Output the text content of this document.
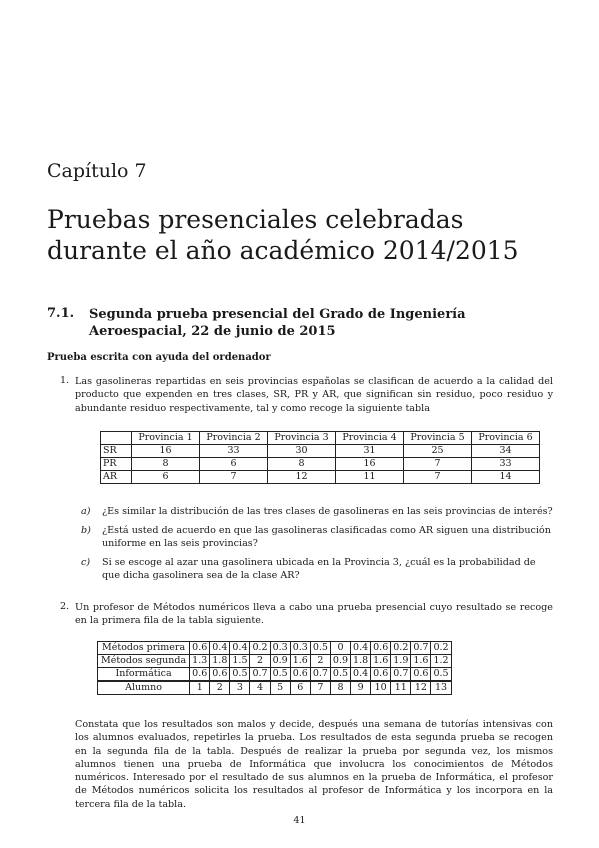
Capítulo 7
Pruebas presenciales celebradas durante el año académico 2014/2015
7.1. Segunda prueba presencial del Grado de Ingeniería Aeroespacial, 22 de junio de 2015
Prueba escrita con ayuda del ordenador
1. Las gasolineras repartidas en seis provincias españolas se clasifican de acuerdo a la calidad del producto que expenden en tres clases, SR, PR y AR, que significan sin residuo, poco residuo y abundante residuo respectivamente, tal y como recoge la siguiente tabla
	Provincia 1	Provincia 2	Provincia 3	Provincia 4	Provincia 5	Provincia 6
SR	16	33	30	31	25	34
PR	8	6	8	16	7	33
AR	6	7	12	11	7	14
a) ¿Es similar la distribución de las tres clases de gasolineras en las seis provincias de interés?
b) ¿Está usted de acuerdo en que las gasolineras clasificadas como AR siguen una distribución uniforme en las seis provincias?
c) Si se escoge al azar una gasolinera ubicada en la Provincia 3, ¿cuál es la probabilidad de que dicha gasolinera sea de la clase AR?
2. Un profesor de Métodos numéricos lleva a cabo una prueba presencial cuyo resultado se recoge en la primera fila de la tabla siguiente.
Métodos primera	0.6	0.4	0.4	0.2	0.3	0.3	0.5	0	0.4	0.6	0.2	0.7	0.2
Métodos segunda	1.3	1.8	1.5	2	0.9	1.6	2	0.9	1.8	1.6	1.9	1.6	1.2
Informática	0.6	0.6	0.5	0.7	0.5	0.6	0.7	0.5	0.4	0.6	0.7	0.6	0.5
Alumno	1	2	3	4	5	6	7	8	9	10	11	12	13
Constata que los resultados son malos y decide, después una semana de tutorías intensivas con los alumnos evaluados, repetirles la prueba. Los resultados de esta segunda prueba se recogen en la segunda fila de la tabla. Después de realizar la prueba por segunda vez, los mismos alumnos tienen una prueba de Informática que involucra los conocimientos de Métodos numéricos. Interesado por el resultado de sus alumnos en la prueba de Informática, el profesor de Métodos numéricos solicita los resultados al profesor de Informática y los incorpora en la tercera fila de la tabla.
41
